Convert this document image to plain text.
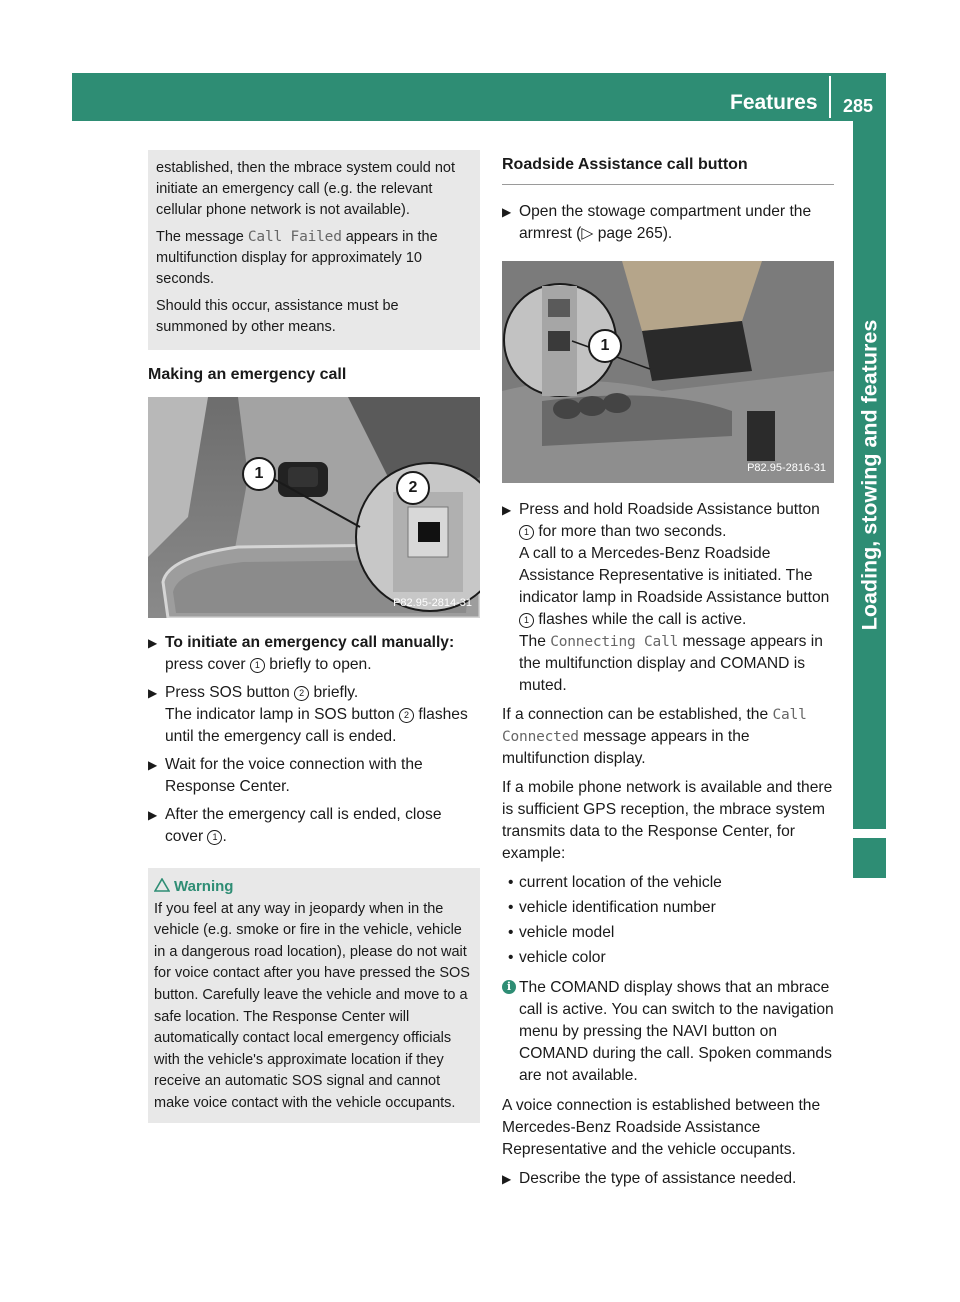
Features 285
Loading, stowing and features

established, then the mbrace system could not initiate an emergency call (e.g. the relevant cellular phone network is not available).

The message Call Failed appears in the multifunction display for approximately 10 seconds.

Should this occur, assistance must be summoned by other means.

Making an emergency call
1
2
P82.95-2814-31
▶ To initiate an emergency call manually: press cover 1 briefly to open.
▶ Press SOS button 2 briefly.
The indicator lamp in SOS button 2 flashes until the emergency call is ended.
▶ Wait for the voice connection with the Response Center.
▶ After the emergency call is ended, close cover 1 .
Warning
If you feel at any way in jeopardy when in the vehicle (e.g. smoke or fire in the vehicle, vehicle in a dangerous road location), please do not wait for voice contact after you have pressed the SOS button. Carefully leave the vehicle and move to a safe location. The Response Center will automatically contact local emergency officials with the vehicle's approximate location if they receive an automatic SOS signal and cannot make voice contact with the vehicle occupants.
Roadside Assistance call button
▶ Open the stowage compartment under the armrest (▷ page 265).
1
P82.95-2816-31
▶ Press and hold Roadside Assistance button 1 for more than two seconds.
A call to a Mercedes-Benz Roadside Assistance Representative is initiated. The indicator lamp in Roadside Assistance button 1 flashes while the call is active.
The Connecting Call message appears in the multifunction display and COMAND is muted.
If a connection can be established, the Call Connected message appears in the multifunction display.
If a mobile phone network is available and there is sufficient GPS reception, the mbrace system transmits data to the Response Center, for example:
• current location of the vehicle
• vehicle identification number
• vehicle model
• vehicle color
i The COMAND display shows that an mbrace call is active. You can switch to the navigation menu by pressing the NAVI button on COMAND during the call. Spoken commands are not available.
A voice connection is established between the Mercedes-Benz Roadside Assistance Representative and the vehicle occupants.
▶ Describe the type of assistance needed.
